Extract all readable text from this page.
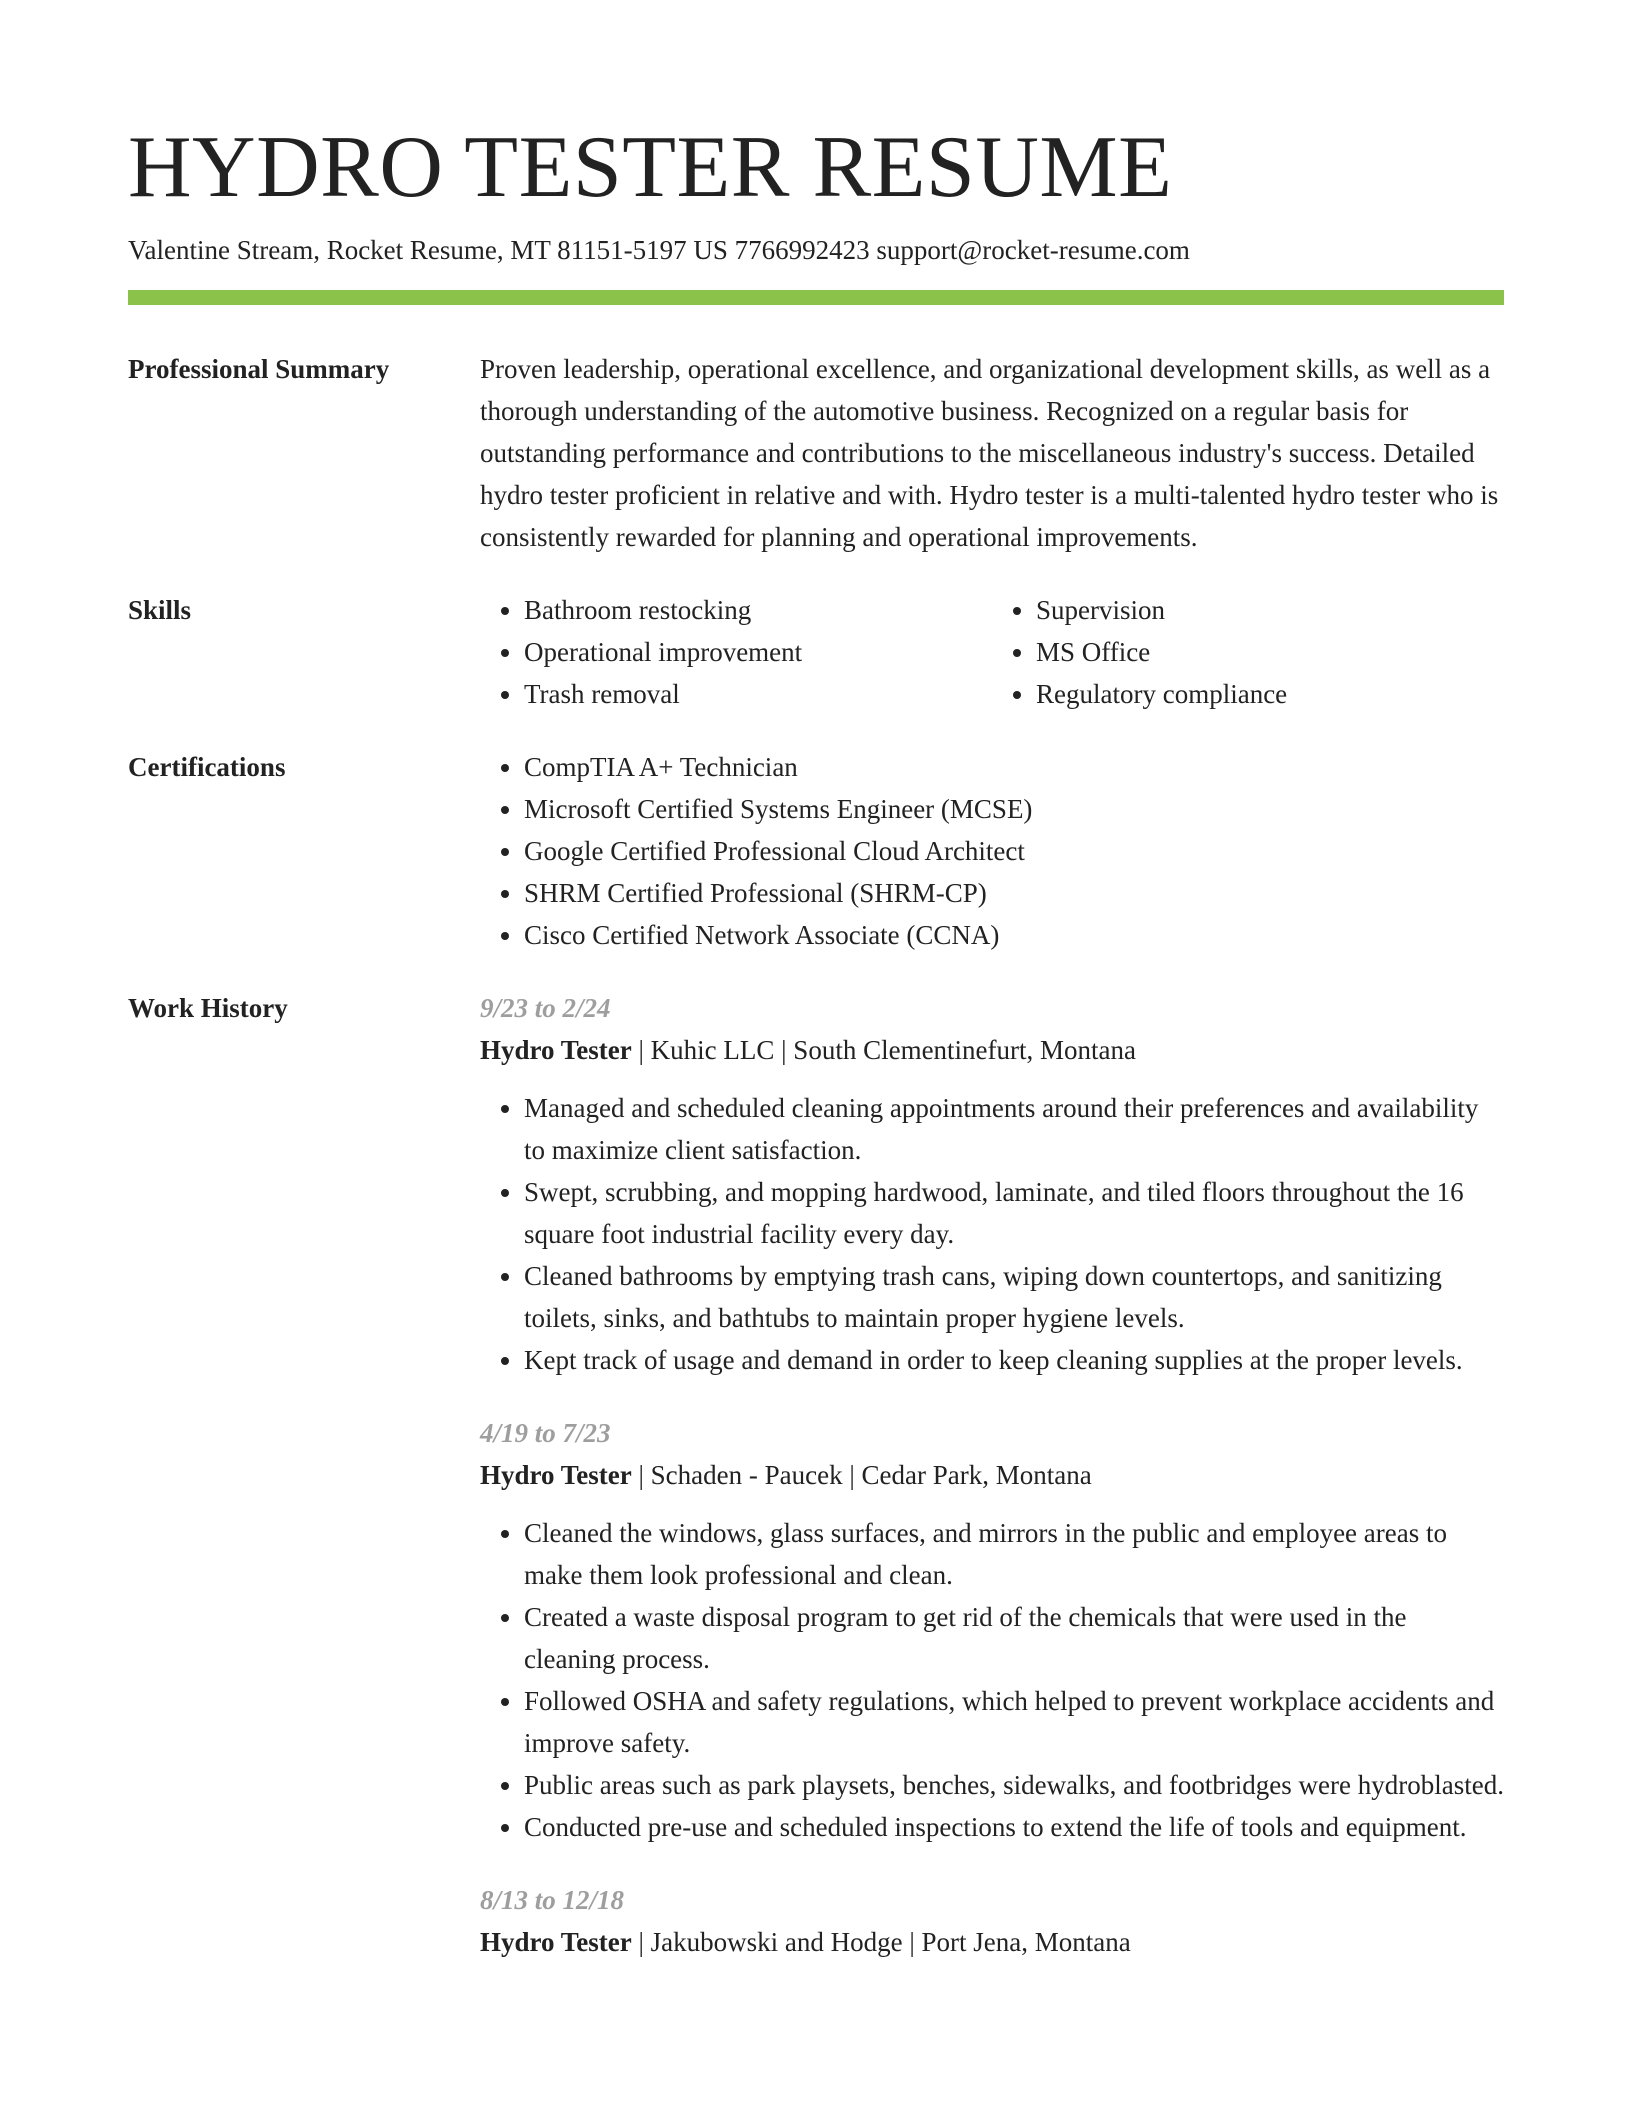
HYDRO TESTER RESUME
Valentine Stream, Rocket Resume, MT 81151-5197 US 7766992423 support@rocket-resume.com
Professional Summary	Proven leadership, operational excellence, and organizational development skills, as well as a thorough understanding of the automotive business. Recognized on a regular basis for outstanding performance and contributions to the miscellaneous industry's success. Detailed hydro tester proficient in relative and with. Hydro tester is a multi-talented hydro tester who is consistently rewarded for planning and operational improvements.

Skills	• Bathroom restocking
• Operational improvement
• Trash removal
• Supervision
• MS Office
• Regulatory compliance
Certifications	• CompTIA A+ Technician
• Microsoft Certified Systems Engineer (MCSE)
• Google Certified Professional Cloud Architect
• SHRM Certified Professional (SHRM-CP)
• Cisco Certified Network Associate (CCNA)
Work History	9/23 to 2/24
Hydro Tester | Kuhic LLC | South Clementinefurt, Montana
• Managed and scheduled cleaning appointments around their preferences and availability to maximize client satisfaction.
• Swept, scrubbing, and mopping hardwood, laminate, and tiled floors throughout the 16 square foot industrial facility every day.
• Cleaned bathrooms by emptying trash cans, wiping down countertops, and sanitizing toilets, sinks, and bathtubs to maintain proper hygiene levels.
• Kept track of usage and demand in order to keep cleaning supplies at the proper levels.
4/19 to 7/23
Hydro Tester | Schaden - Paucek | Cedar Park, Montana
• Cleaned the windows, glass surfaces, and mirrors in the public and employee areas to make them look professional and clean.
• Created a waste disposal program to get rid of the chemicals that were used in the cleaning process.
• Followed OSHA and safety regulations, which helped to prevent workplace accidents and improve safety.
• Public areas such as park playsets, benches, sidewalks, and footbridges were hydroblasted.
• Conducted pre-use and scheduled inspections to extend the life of tools and equipment.
8/13 to 12/18
Hydro Tester | Jakubowski and Hodge | Port Jena, Montana
